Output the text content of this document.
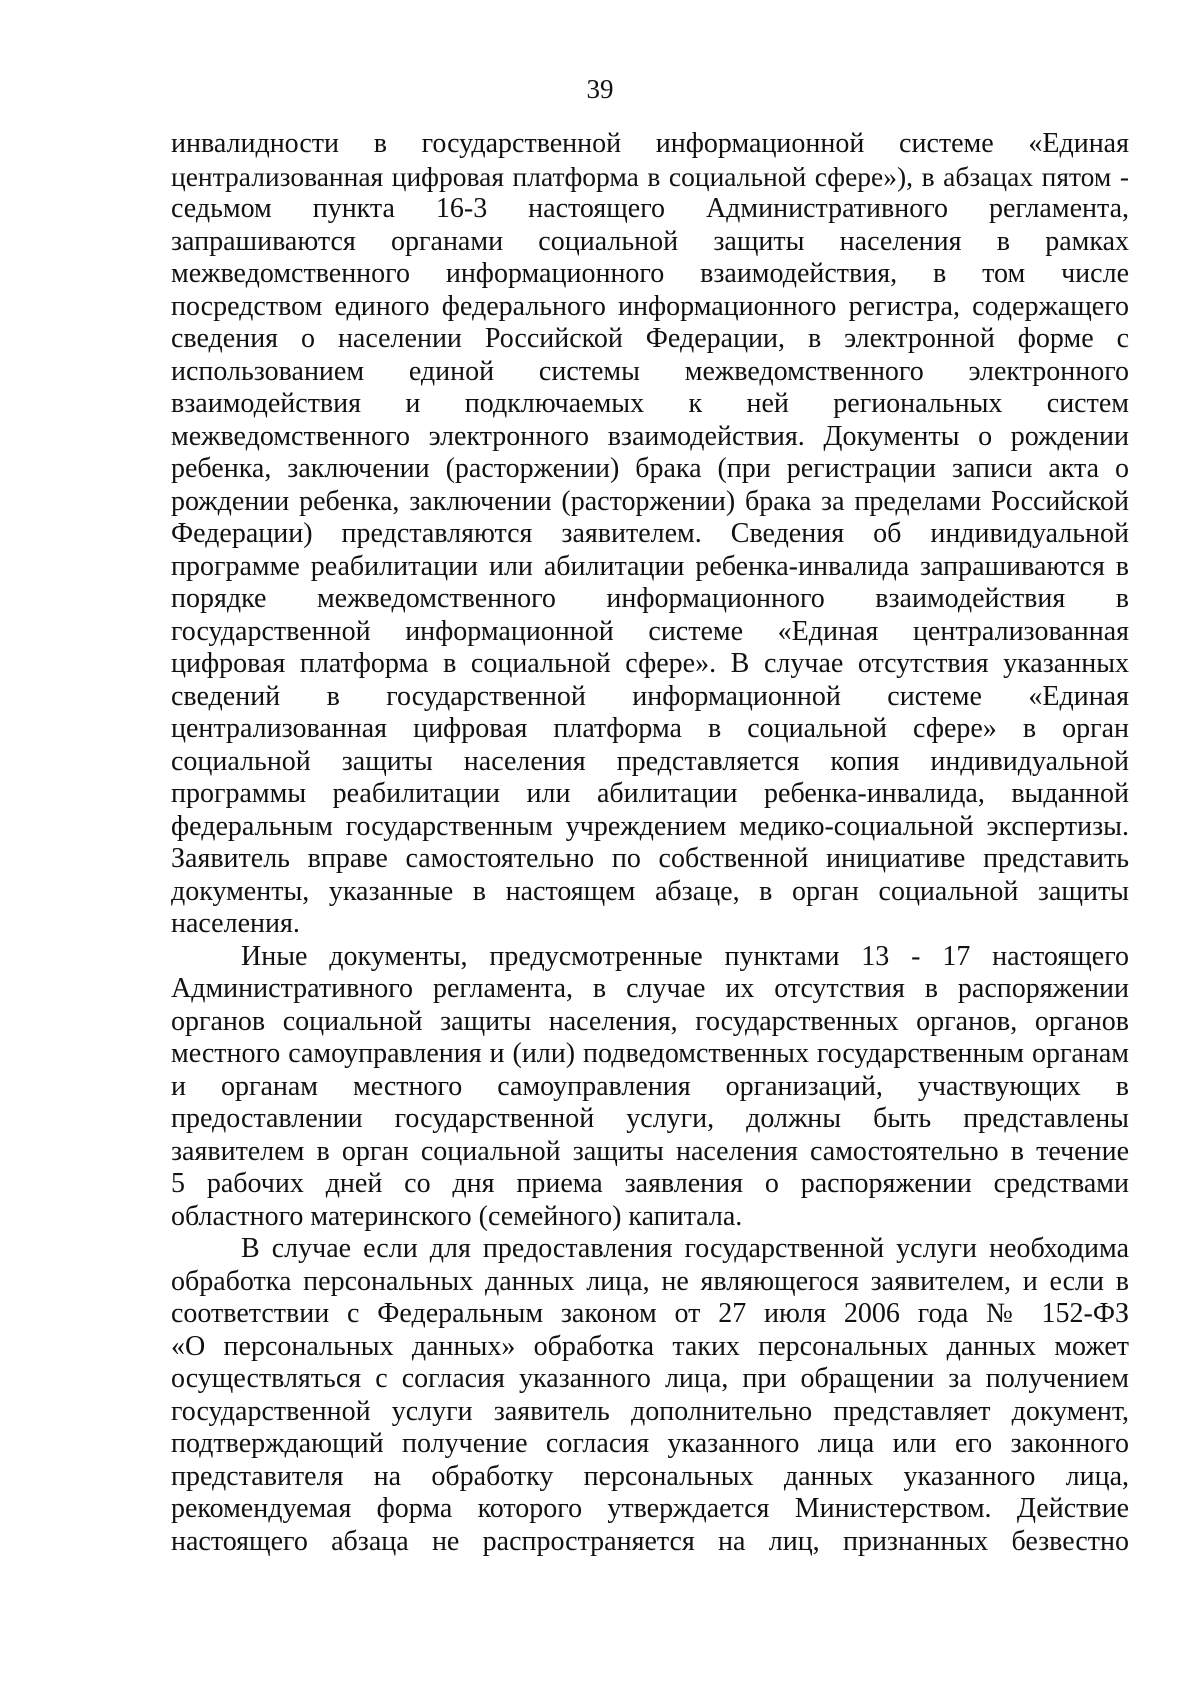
39
инвалидности в государственной информационной системе «Единая
централизованная цифровая платформа в социальной сфере»), в абзацах пятом -
седьмом пункта 16-3 настоящего Административного регламента,
запрашиваются органами социальной защиты населения в рамках
межведомственного информационного взаимодействия, в том числе
посредством единого федерального информационного регистра, содержащего
сведения о населении Российской Федерации, в электронной форме с
использованием единой системы межведомственного электронного
взаимодействия и подключаемых к ней региональных систем
межведомственного электронного взаимодействия. Документы о рождении
ребенка, заключении (расторжении) брака (при регистрации записи акта о
рождении ребенка, заключении (расторжении) брака за пределами Российской
Федерации) представляются заявителем. Сведения об индивидуальной
программе реабилитации или абилитации ребенка-инвалида запрашиваются в
порядке межведомственного информационного взаимодействия в
государственной информационной системе «Единая централизованная
цифровая платформа в социальной сфере». В случае отсутствия указанных
сведений в государственной информационной системе «Единая
централизованная цифровая платформа в социальной сфере» в орган
социальной защиты населения представляется копия индивидуальной
программы реабилитации или абилитации ребенка-инвалида, выданной
федеральным государственным учреждением медико-социальной экспертизы.
Заявитель вправе самостоятельно по собственной инициативе представить
документы, указанные в настоящем абзаце, в орган социальной защиты
населения.
Иные документы, предусмотренные пунктами 13 - 17 настоящего
Административного регламента, в случае их отсутствия в распоряжении
органов социальной защиты населения, государственных органов, органов
местного самоуправления и (или) подведомственных государственным органам
и органам местного самоуправления организаций, участвующих в
предоставлении государственной услуги, должны быть представлены
заявителем в орган социальной защиты населения самостоятельно в течение
5 рабочих дней со дня приема заявления о распоряжении средствами
областного материнского (семейного) капитала.
В случае если для предоставления государственной услуги необходима
обработка персональных данных лица, не являющегося заявителем, и если в
соответствии с Федеральным законом от 27 июля 2006 года № 152-ФЗ
«О персональных данных» обработка таких персональных данных может
осуществляться с согласия указанного лица, при обращении за получением
государственной услуги заявитель дополнительно представляет документ,
подтверждающий получение согласия указанного лица или его законного
представителя на обработку персональных данных указанного лица,
рекомендуемая форма которого утверждается Министерством. Действие
настоящего абзаца не распространяется на лиц, признанных безвестно
